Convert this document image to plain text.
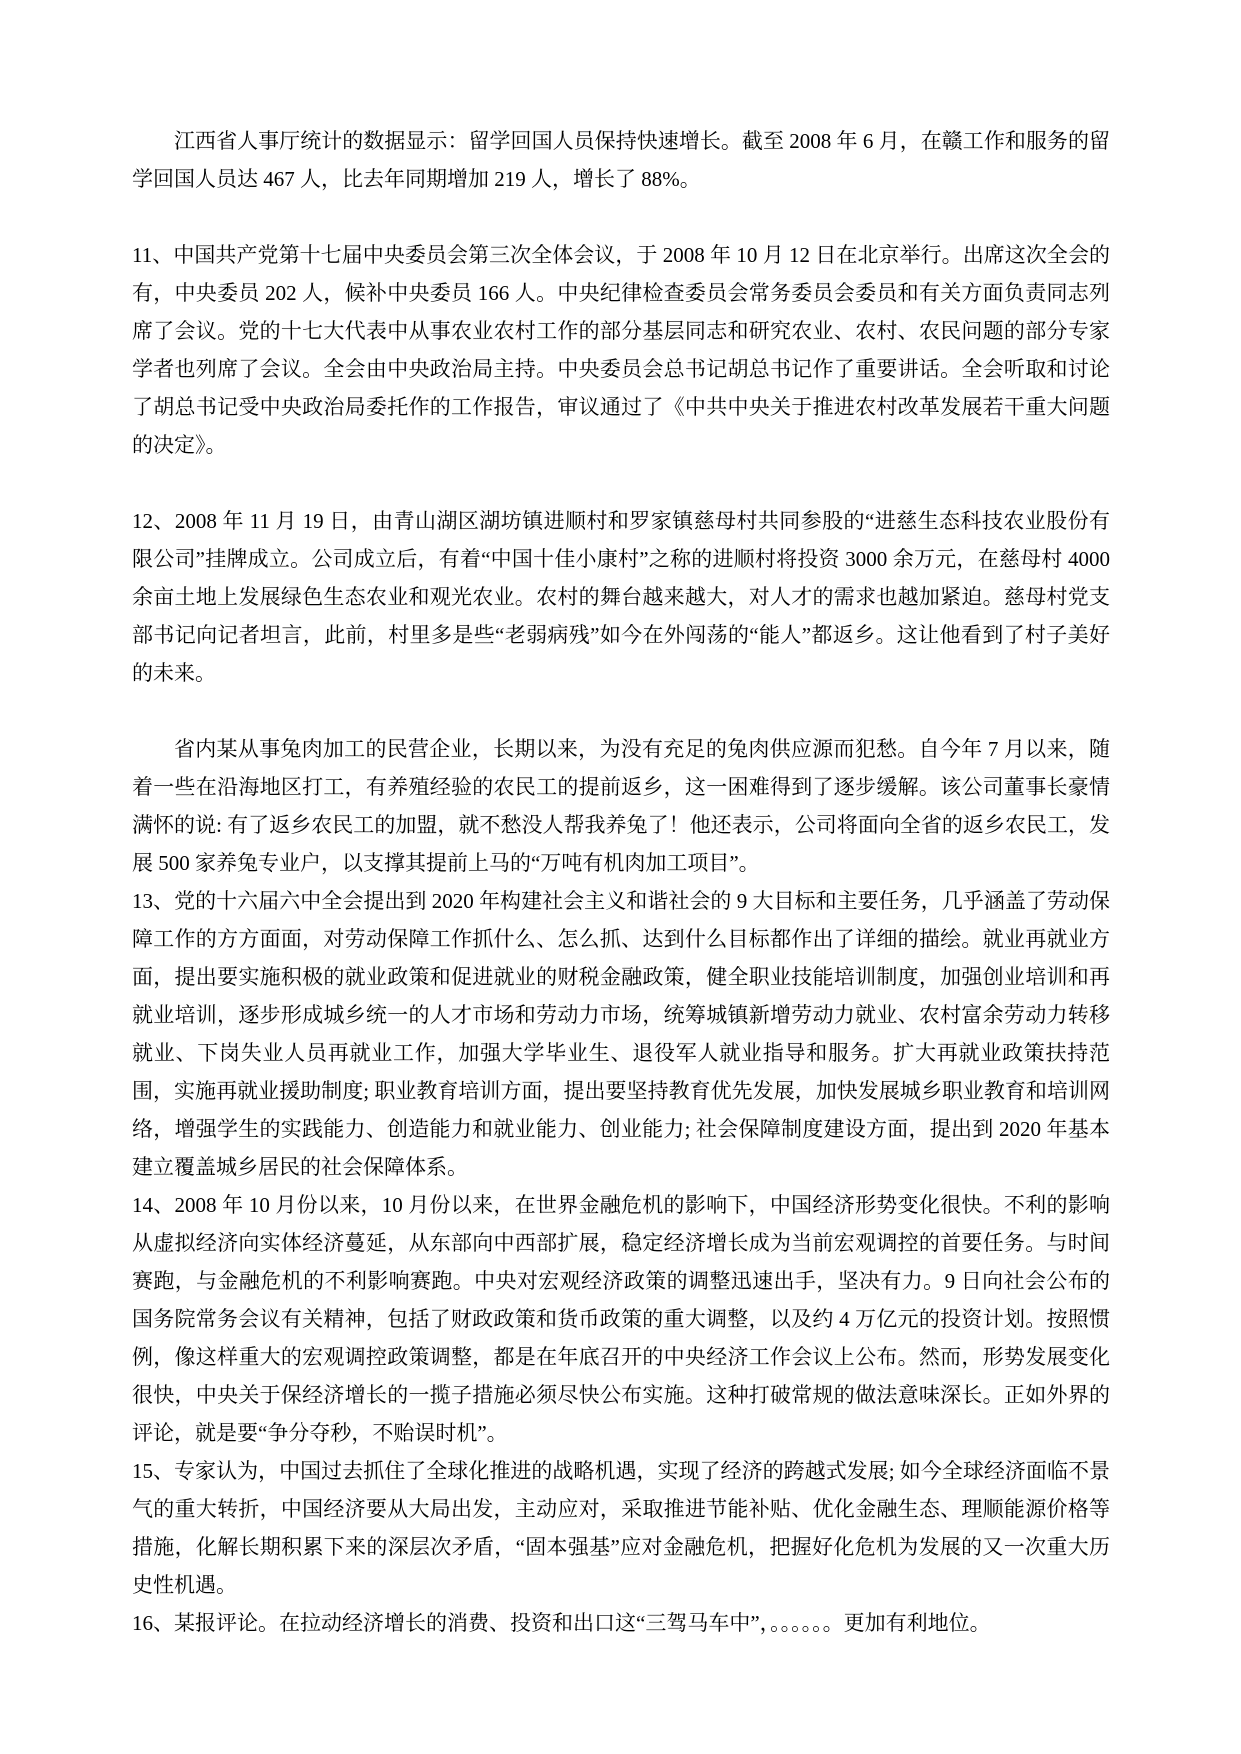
江西省人事厅统计的数据显示：留学回国人员保持快速增长。截至 2008 年 6 月，在赣工作和服务的留学回国人员达 467 人，比去年同期增加 219 人，增长了 88%。

11、中国共产党第十七届中央委员会第三次全体会议，于 2008 年 10 月 12 日在北京举行。出席这次全会的有，中央委员 202 人，候补中央委员 166 人。中央纪律检查委员会常务委员会委员和有关方面负责同志列席了会议。党的十七大代表中从事农业农村工作的部分基层同志和研究农业、农村、农民问题的部分专家学者也列席了会议。全会由中央政治局主持。中央委员会总书记胡总书记作了重要讲话。全会听取和讨论了胡总书记受中央政治局委托作的工作报告，审议通过了《中共中央关于推进农村改革发展若干重大问题的决定》。

12、2008 年 11 月 19 日，由青山湖区湖坊镇进顺村和罗家镇慈母村共同参股的“进慈生态科技农业股份有限公司”挂牌成立。公司成立后，有着“中国十佳小康村”之称的进顺村将投资 3000 余万元，在慈母村 4000 余亩土地上发展绿色生态农业和观光农业。农村的舞台越来越大，对人才的需求也越加紧迫。慈母村党支部书记向记者坦言，此前，村里多是些“老弱病残”如今在外闯荡的“能人”都返乡。这让他看到了村子美好的未来。

省内某从事兔肉加工的民营企业，长期以来，为没有充足的兔肉供应源而犯愁。自今年 7 月以来，随着一些在沿海地区打工，有养殖经验的农民工的提前返乡，这一困难得到了逐步缓解。该公司董事长豪情满怀的说: 有了返乡农民工的加盟，就不愁没人帮我养兔了！他还表示，公司将面向全省的返乡农民工，发展 500 家养兔专业户，以支撑其提前上马的“万吨有机肉加工项目”。

13、党的十六届六中全会提出到 2020 年构建社会主义和谐社会的 9 大目标和主要任务，几乎涵盖了劳动保障工作的方方面面，对劳动保障工作抓什么、怎么抓、达到什么目标都作出了详细的描绘。就业再就业方面，提出要实施积极的就业政策和促进就业的财税金融政策，健全职业技能培训制度，加强创业培训和再就业培训，逐步形成城乡统一的人才市场和劳动力市场，统筹城镇新增劳动力就业、农村富余劳动力转移就业、下岗失业人员再就业工作，加强大学毕业生、退役军人就业指导和服务。扩大再就业政策扶持范围，实施再就业援助制度; 职业教育培训方面，提出要坚持教育优先发展，加快发展城乡职业教育和培训网络，增强学生的实践能力、创造能力和就业能力、创业能力; 社会保障制度建设方面，提出到 2020 年基本建立覆盖城乡居民的社会保障体系。

14、2008 年 10 月份以来，10 月份以来，在世界金融危机的影响下，中国经济形势变化很快。不利的影响从虚拟经济向实体经济蔓延，从东部向中西部扩展，稳定经济增长成为当前宏观调控的首要任务。与时间赛跑，与金融危机的不利影响赛跑。中央对宏观经济政策的调整迅速出手，坚决有力。9 日向社会公布的国务院常务会议有关精神，包括了财政政策和货币政策的重大调整，以及约 4 万亿元的投资计划。按照惯例，像这样重大的宏观调控政策调整，都是在年底召开的中央经济工作会议上公布。然而，形势发展变化很快，中央关于保经济增长的一揽子措施必须尽快公布实施。这种打破常规的做法意味深长。正如外界的评论，就是要“争分夺秒，不贻误时机”。

15、专家认为，中国过去抓住了全球化推进的战略机遇，实现了经济的跨越式发展; 如今全球经济面临不景气的重大转折，中国经济要从大局出发，主动应对，采取推进节能补贴、优化金融生态、理顺能源价格等措施，化解长期积累下来的深层次矛盾，“固本强基”应对金融危机，把握好化危机为发展的又一次重大历史性机遇。

16、某报评论。在拉动经济增长的消费、投资和出口这“三驾马车中”，。。。。。。更加有利地位。
